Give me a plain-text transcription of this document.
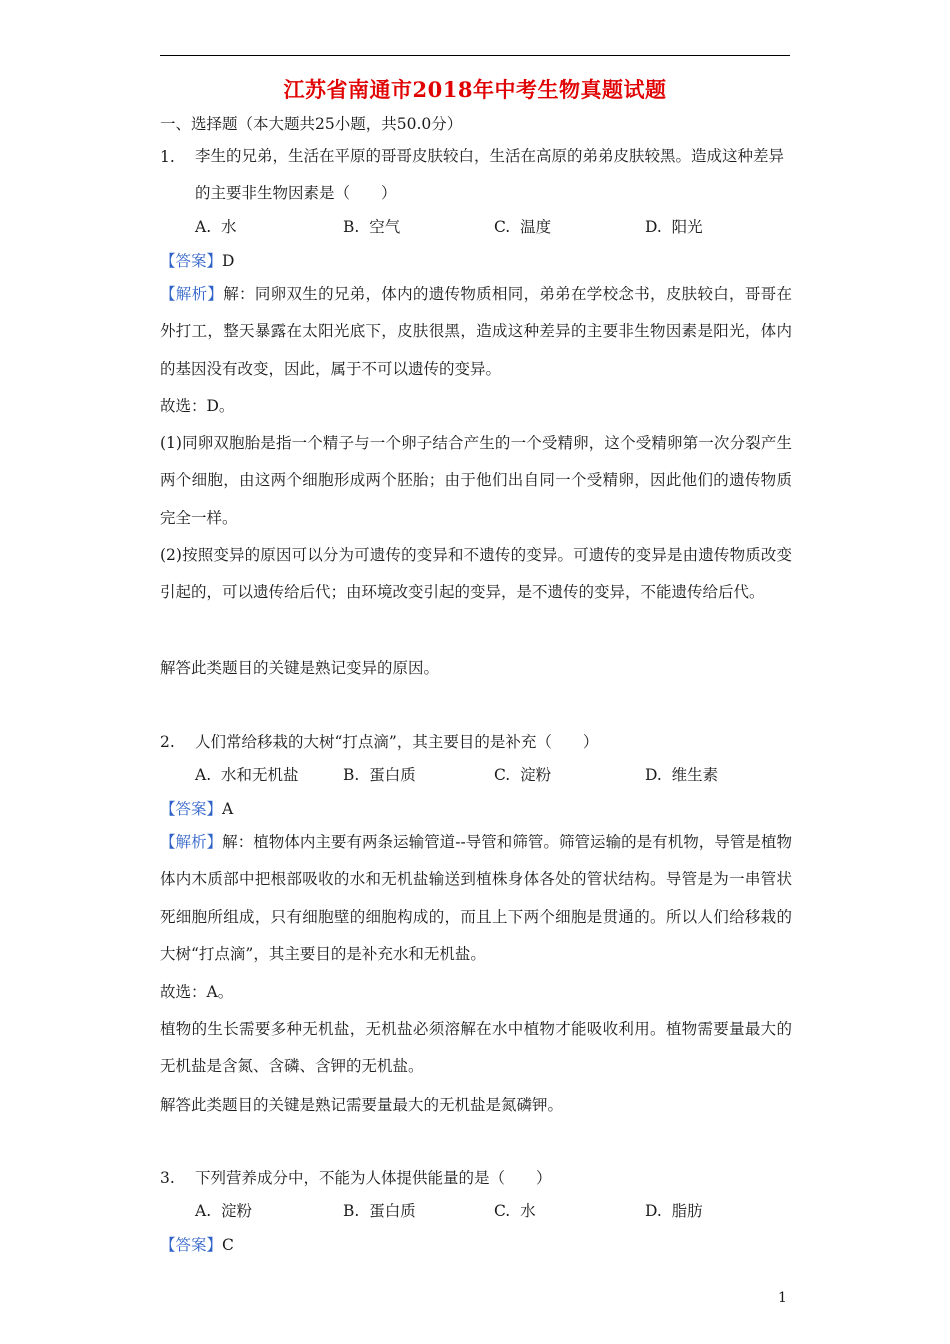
江苏省南通市2018年中考生物真题试题
一、选择题（本大题共25小题，共50.0分）
1. 李生的兄弟，生活在平原的哥哥皮肤较白，生活在高原的弟弟皮肤较黑。造成这种差异的主要非生物因素是（　　）
A. 水	B. 空气	C. 温度	D. 阳光
【答案】D
【解析】解：同卵双生的兄弟，体内的遗传物质相同，弟弟在学校念书，皮肤较白，哥哥在外打工，整天暴露在太阳光底下，皮肤很黑，造成这种差异的主要非生物因素是阳光，体内的基因没有改变，因此，属于不可以遗传的变异。
故选：D。
(1)同卵双胞胎是指一个精子与一个卵子结合产生的一个受精卵，这个受精卵第一次分裂产生两个细胞，由这两个细胞形成两个胚胎；由于他们出自同一个受精卵，因此他们的遗传物质完全一样。
(2)按照变异的原因可以分为可遗传的变异和不遗传的变异。可遗传的变异是由遗传物质改变引起的，可以遗传给后代；由环境改变引起的变异，是不遗传的变异，不能遗传给后代。
解答此类题目的关键是熟记变异的原因。
2. 人们常给移栽的大树“打点滴”，其主要目的是补充（　　）
A. 水和无机盐	B. 蛋白质	C. 淀粉	D. 维生素
【答案】A
【解析】解：植物体内主要有两条运输管道--导管和筛管。筛管运输的是有机物，导管是植物体内木质部中把根部吸收的水和无机盐输送到植株身体各处的管状结构。导管是为一串管状死细胞所组成，只有细胞壁的细胞构成的，而且上下两个细胞是贯通的。所以人们给移栽的大树“打点滴”，其主要目的是补充水和无机盐。
故选：A。
植物的生长需要多种无机盐，无机盐必须溶解在水中植物才能吸收利用。植物需要量最大的无机盐是含氮、含磷、含钾的无机盐。
解答此类题目的关键是熟记需要量最大的无机盐是氮磷钾。
3. 下列营养成分中，不能为人体提供能量的是（　　）
A. 淀粉	B. 蛋白质	C. 水	D. 脂肪
【答案】C
1
